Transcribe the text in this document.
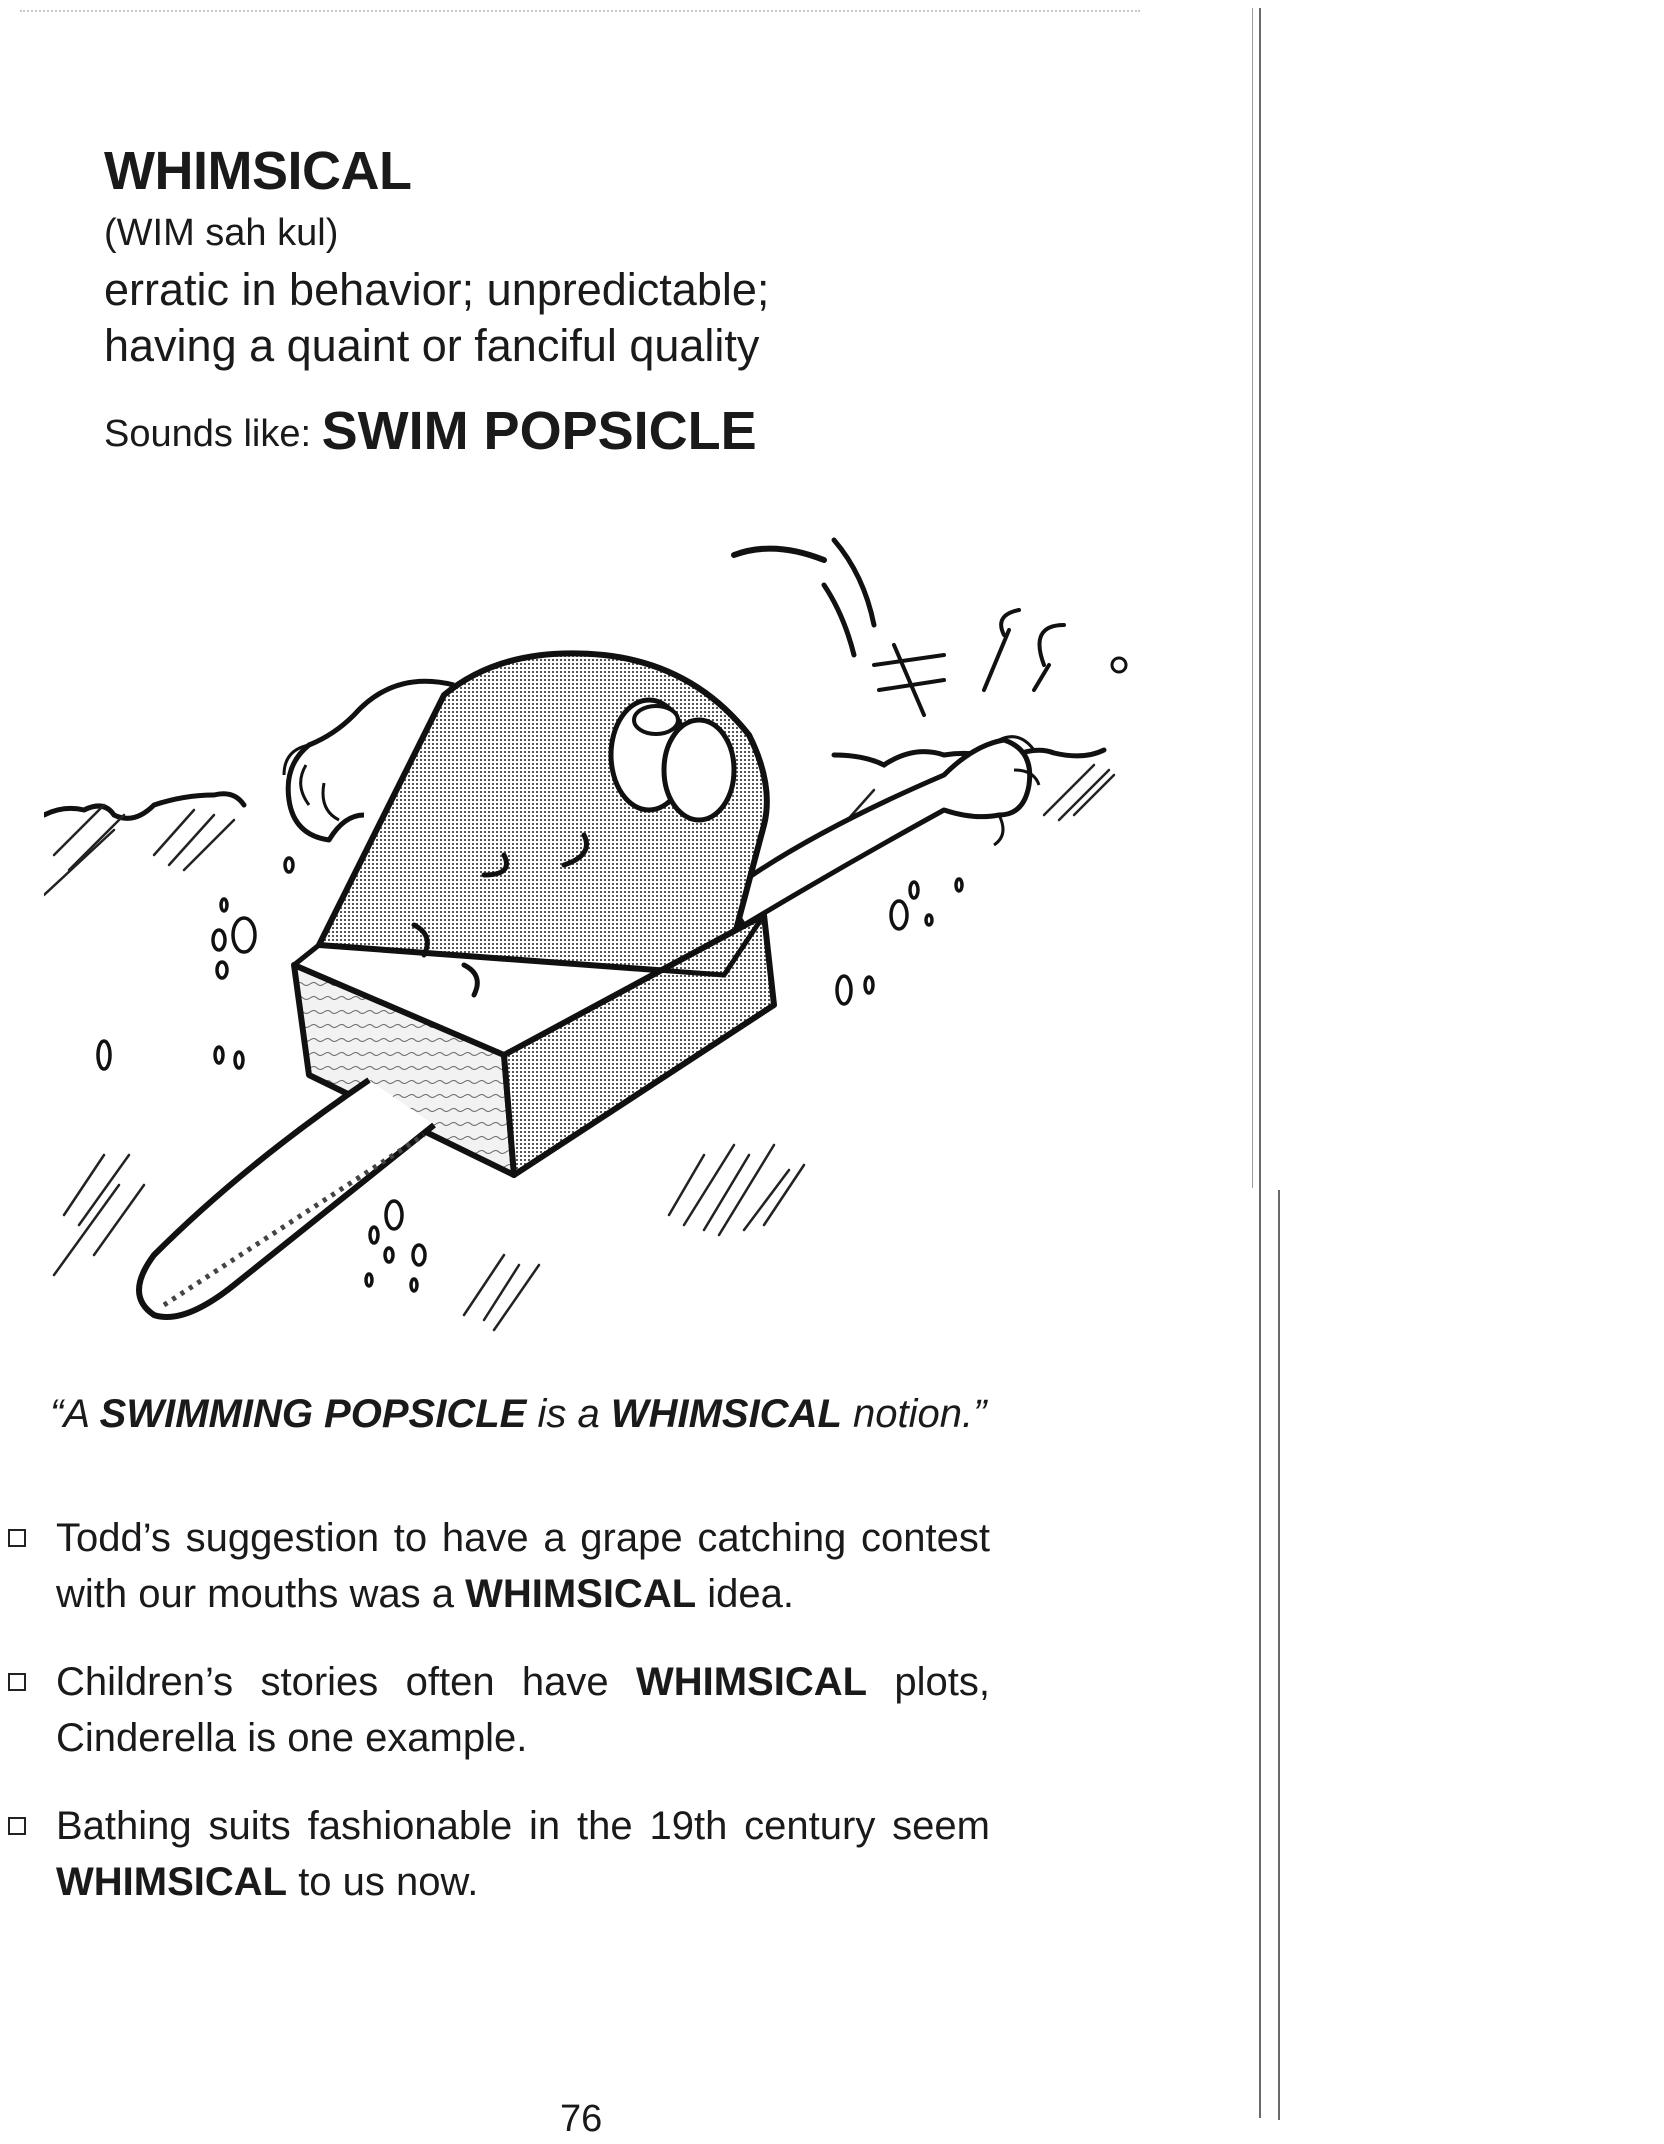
WHIMSICAL
(WIM sah kul)
erratic in behavior; unpredictable;
having a quaint or fanciful quality
Sounds like: SWIM POPSICLE
“A SWIMMING POPSICLE is a WHIMSICAL notion.”
Todd’s suggestion to have a grape catching contest with our mouths was a WHIMSICAL idea.
Children’s stories often have WHIMSICAL plots, Cinderella is one example.
Bathing suits fashionable in the 19th century seem WHIMSICAL to us now.
76
